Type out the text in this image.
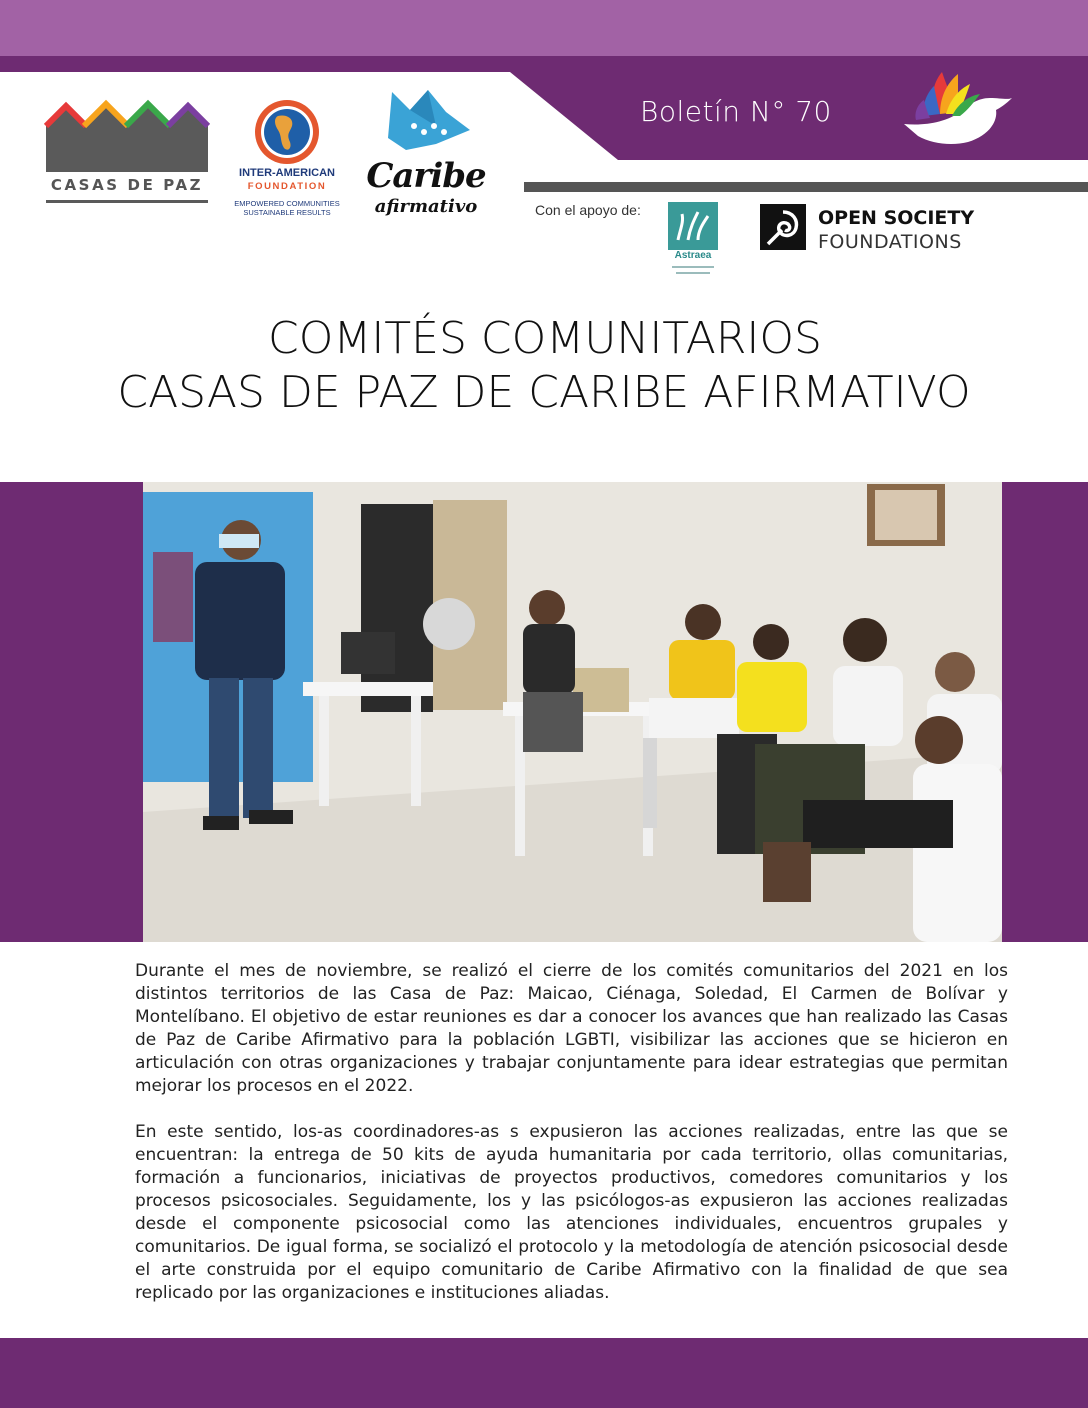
Boletín N° 70
CASAS DE PAZ
INTER-AMERICAN
FOUNDATION
EMPOWERED COMMUNITIES
SUSTAINABLE RESULTS
Caribe
afirmativo	Con el apoyo de:
Astraea
OPEN SOCIETY
FOUNDATIONS
COMITÉS COMUNITARIOS
CASAS DE PAZ DE CARIBE AFIRMATIVO

Durante el mes de noviembre, se realizó el cierre de los comités comunitarios del 2021 en los distintos territorios de las Casa de Paz: Maicao, Ciénaga, Soledad, El Carmen de Bolívar y Montelíbano. El objetivo de estar reuniones es dar a conocer los avances que han realizado las Casas de Paz de Caribe Afirmativo para la población LGBTI, visibilizar las acciones que se hicieron en articulación con otras organizaciones y trabajar conjuntamente para idear estrategias que permitan mejorar los procesos en el 2022.

En este sentido, los-as coordinadores-as s expusieron las acciones realizadas, entre las que se encuentran: la entrega de 50 kits de ayuda humanitaria por cada territorio, ollas comunitarias, formación a funcionarios, iniciativas de proyectos productivos, comedores comunitarios y los procesos psicosociales. Seguidamente, los y las psicólogos-as expusieron las acciones realizadas desde el componente psicosocial como las atenciones individuales, encuentros grupales y comunitarios. De igual forma, se socializó el protocolo y la metodología de atención psicosocial desde el arte construida por el equipo comunitario de Caribe Afirmativo con la finalidad de que sea replicado por las organizaciones e instituciones aliadas.
